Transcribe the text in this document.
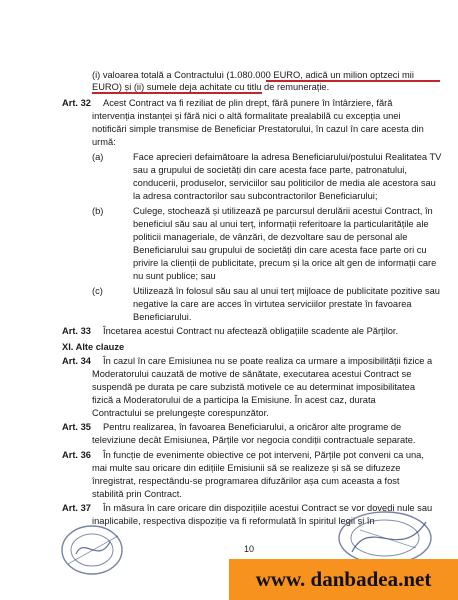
(i) valoarea totală a Contractului (1.080.000 EURO, adică un milion optzeci mii
EURO) și (ii) sumele deja achitate cu titlu de remunerație.
Art. 32 Acest Contract va fi reziliat de plin drept, fără punere în întârziere, fără
intervenția instanței și fără nici o altă formalitate prealabilă cu excepția unei
notificări simple transmise de Beneficiar Prestatorului, în cazul în care acesta din
urmă:
(a)	Face aprecieri defaimătoare la adresa Beneficiarului/postului Realitatea TV
sau a grupului de societăți din care acesta face parte, patronatului,
conducerii, produselor, serviciilor sau politicilor de media ale acestora sau
la adresa contractorilor sau subcontractorilor Beneficiarului;
(b)	Culege, stochează și utilizează pe parcursul derulării acestui Contract, în
beneficiul său sau al unui terț, informații referitoare la particularitățile ale
politicii manageriale, de vânzări, de dezvoltare sau de personal ale
Beneficiarului sau grupului de societăți din care acesta face parte ori cu
privire la clienții de publicitate, precum și la orice alt gen de informații care
nu sunt publice; sau
(c)	Utilizează în folosul său sau al unui terț mijloace de publicitate pozitive sau
negative la care are acces în virtutea serviciilor prestate în favoarea
Beneficiarului.
Art. 33 Încetarea acestui Contract nu afectează obligațiile scadente ale Părților.
XI. Alte clauze
Art. 34 În cazul în care Emisiunea nu se poate realiza ca urmare a imposibilității fizice a
Moderatorului cauzată de motive de sănătate, executarea acestui Contract se
suspendă pe durata pe care subzistă motivele ce au determinat imposibilitatea
fizică a Moderatorului de a participa la Emisiune. În acest caz, durata
Contractului se prelungește corespunzător.
Art. 35 Pentru realizarea, în favoarea Beneficiarului, a oricăror alte programe de
televiziune decât Emisiunea, Părțile vor negocia condiții contractuale separate.
Art. 36 În funcție de evenimente obiective ce pot interveni, Părțile pot conveni ca una,
mai multe sau oricare din edițiile Emisiunii să se realizeze și să se difuzeze
înregistrat, respectându-se programarea difuzărilor așa cum aceasta a fost
stabilită prin Contract.
Art. 37 În măsura în care oricare din dispozițiile acestui Contract se vor dovedi nule sau
inaplicabile, respectiva dispoziție va fi reformulată în spiritul legii și în
10
www. danbadea.net
